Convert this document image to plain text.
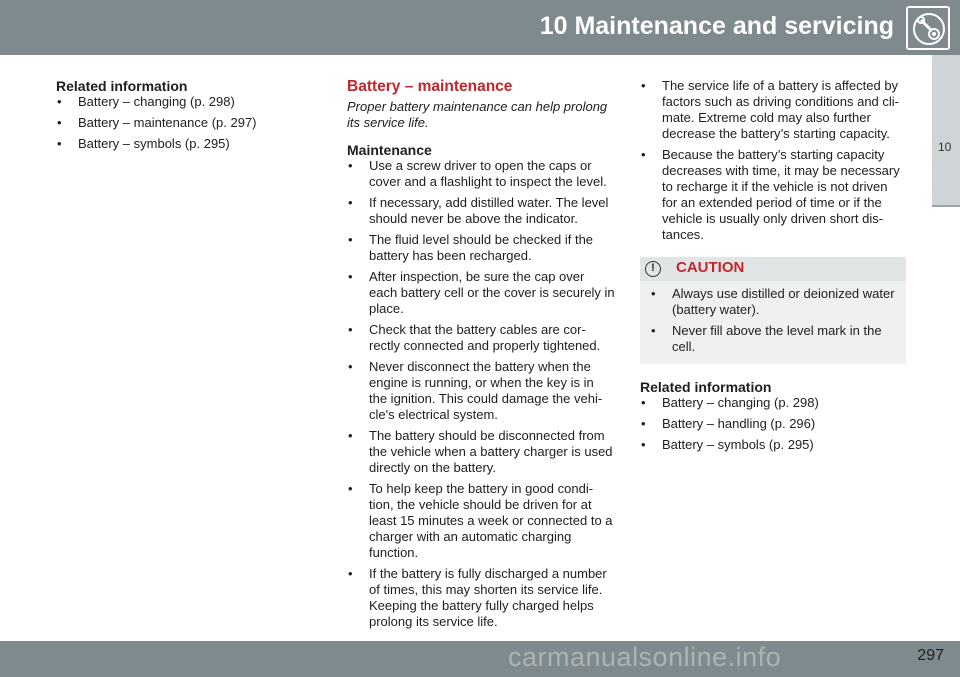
10 Maintenance and servicing
10
Related information
• Battery – changing (p. 298)
• Battery – maintenance (p. 297)
• Battery – symbols (p. 295)
Battery – maintenance
Proper battery maintenance can help prolong its service life.
Maintenance
• Use a screw driver to open the caps or cover and a flashlight to inspect the level.
• If necessary, add distilled water. The level should never be above the indicator.
• The fluid level should be checked if the battery has been recharged.
• After inspection, be sure the cap over each battery cell or the cover is securely in place.
• Check that the battery cables are cor-rectly connected and properly tightened.
• Never disconnect the battery when the engine is running, or when the key is in the ignition. This could damage the vehi-cle's electrical system.
• The battery should be disconnected from the vehicle when a battery charger is used directly on the battery.
• To help keep the battery in good condi-tion, the vehicle should be driven for at least 15 minutes a week or connected to a charger with an automatic charging function.
• If the battery is fully discharged a number of times, this may shorten its service life. Keeping the battery fully charged helps prolong its service life.
• The service life of a battery is affected by factors such as driving conditions and cli-mate. Extreme cold may also further decrease the battery’s starting capacity.
• Because the battery’s starting capacity decreases with time, it may be necessary to recharge it if the vehicle is not driven for an extended period of time or if the vehicle is usually only driven short dis-tances.
!	CAUTION
• Always use distilled or deionized water (battery water).
• Never fill above the level mark in the cell.
Related information
• Battery – changing (p. 298)
• Battery – handling (p. 296)
• Battery – symbols (p. 295)
carmanualsonline.info	297
